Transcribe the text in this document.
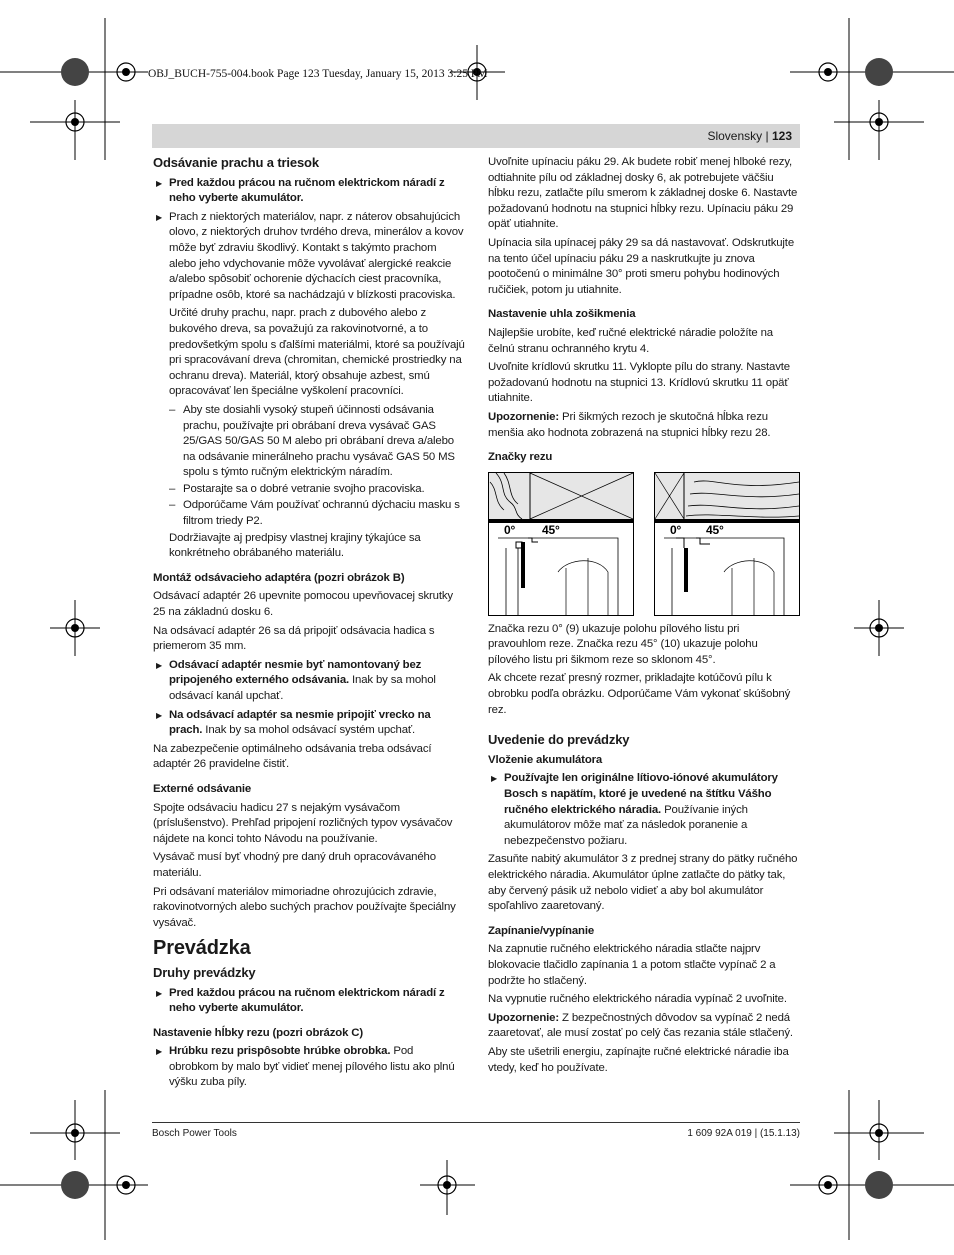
OBJ_BUCH-755-004.book Page 123 Tuesday, January 15, 2013 3:25 PM
Slovensky | 123
Odsávanie prachu a triesok
▶ Pred každou prácou na ručnom elektrickom náradí z neho vyberte akumulátor.
▶ Prach z niektorých materiálov, napr. z náterov obsahujúcich olovo, z niektorých druhov tvrdého dreva, minerálov a kovov môže byť zdraviu škodlivý. Kontakt s takýmto prachom alebo jeho vdychovanie môže vyvolávať alergické reakcie a/alebo spôsobiť ochorenie dýchacích ciest pracovníka, prípadne osôb, ktoré sa nachádzajú v blízkosti pracoviska.

Určité druhy prachu, napr. prach z dubového alebo z bukového dreva, sa považujú za rakovinotvorné, a to predovšetkým spolu s ďalšími materiálmi, ktoré sa používajú pri spracovávaní dreva (chromitan, chemické prostriedky na ochranu dreva). Materiál, ktorý obsahuje azbest, smú opracovávať len špeciálne vyškolení pracovníci.

– Aby ste dosiahli vysoký stupeň účinnosti odsávania prachu, používajte pri obrábaní dreva vysávač GAS 25/GAS 50/GAS 50 M alebo pri obrábaní dreva a/alebo na odsávanie minerálneho prachu vysávač GAS 50 MS spolu s týmto ručným elektrickým náradím.
– Postarajte sa o dobré vetranie svojho pracoviska.
– Odporúčame Vám používať ochrannú dýchaciu masku s filtrom triedy P2.

Dodržiavajte aj predpisy vlastnej krajiny týkajúce sa konkrétneho obrábaného materiálu.

Montáž odsávacieho adaptéra (pozri obrázok B)

Odsávací adaptér 26 upevnite pomocou upevňovacej skrutky 25 na základnú dosku 6.

Na odsávací adaptér 26 sa dá pripojiť odsávacia hadica s priemerom 35 mm.

▶ Odsávací adaptér nesmie byť namontovaný bez pripojeného externého odsávania. Inak by sa mohol odsávací kanál upchať.
▶ Na odsávací adaptér sa nesmie pripojiť vrecko na prach. Inak by sa mohol odsávací systém upchať.

Na zabezpečenie optimálneho odsávania treba odsávací adaptér 26 pravidelne čistiť.

Externé odsávanie

Spojte odsávaciu hadicu 27 s nejakým vysávačom (príslušenstvo). Prehľad pripojení rozličných typov vysávačov nájdete na konci tohto Návodu na používanie.

Vysávač musí byť vhodný pre daný druh opracovávaného materiálu.

Pri odsávaní materiálov mimoriadne ohrozujúcich zdravie, rakovinotvorných alebo suchých prachov používajte špeciálny vysávač.

Prevádzka
Druhy prevádzky
▶ Pred každou prácou na ručnom elektrickom náradí z neho vyberte akumulátor.
Nastavenie hĺbky rezu (pozri obrázok C)
▶ Hrúbku rezu prispôsobte hrúbke obrobka. Pod obrobkom by malo byť vidieť menej pílového listu ako plnú výšku zuba píly.

Uvoľnite upínaciu páku 29. Ak budete robiť menej hlboké rezy, odtiahnite pílu od základnej dosky 6, ak potrebujete väčšiu hĺbku rezu, zatlačte pílu smerom k základnej doske 6. Nastavte požadovanú hodnotu na stupnici hĺbky rezu. Upínaciu páku 29 opäť utiahnite.

Upínacia sila upínacej páky 29 sa dá nastavovať. Odskrutkujte na tento účel upínaciu páku 29 a naskrutkujte ju znova pootočenú o minimálne 30° proti smeru pohybu hodinových ručičiek, potom ju utiahnite.

Nastavenie uhla zošikmenia

Najlepšie urobíte, keď ručné elektrické náradie položíte na čelnú stranu ochranného krytu 4.

Uvoľnite krídlovú skrutku 11. Vyklopte pílu do strany. Nastavte požadovanú hodnotu na stupnici 13. Krídlovú skrutku 11 opäť utiahnite.

Upozornenie: Pri šikmých rezoch je skutočná hĺbka rezu menšia ako hodnota zobrazená na stupnici hĺbky rezu 28.

Značky rezu
0° 45°	0° 45°

Značka rezu 0° (9) ukazuje polohu pílového listu pri pravouhlom reze. Značka rezu 45° (10) ukazuje polohu pílového listu pri šikmom reze so sklonom 45°.

Ak chcete rezať presný rozmer, prikladajte kotúčovú pílu k obrobku podľa obrázku. Odporúčame Vám vykonať skúšobný rez.

Uvedenie do prevádzky
Vloženie akumulátora
▶ Používajte len originálne lítiovo-iónové akumulátory Bosch s napätím, ktoré je uvedené na štítku Vášho ručného elektrického náradia. Používanie iných akumulátorov môže mať za následok poranenie a nebezpečenstvo požiaru.

Zasuňte nabitý akumulátor 3 z prednej strany do pätky ručného elektrického náradia. Akumulátor úplne zatlačte do pätky tak, aby červený pásik už nebolo vidieť a aby bol akumulátor spoľahlivo zaaretovaný.

Zapínanie/vypínanie

Na zapnutie ručného elektrického náradia stlačte najprv blokovacie tlačidlo zapínania 1 a potom stlačte vypínač 2 a podržte ho stlačený.

Na vypnutie ručného elektrického náradia vypínač 2 uvoľnite.

Upozornenie: Z bezpečnostných dôvodov sa vypínač 2 nedá zaaretovať, ale musí zostať po celý čas rezania stále stlačený.

Aby ste ušetrili energiu, zapínajte ručné elektrické náradie iba vtedy, keď ho používate.

Bosch Power Tools	1 609 92A 019 | (15.1.13)
